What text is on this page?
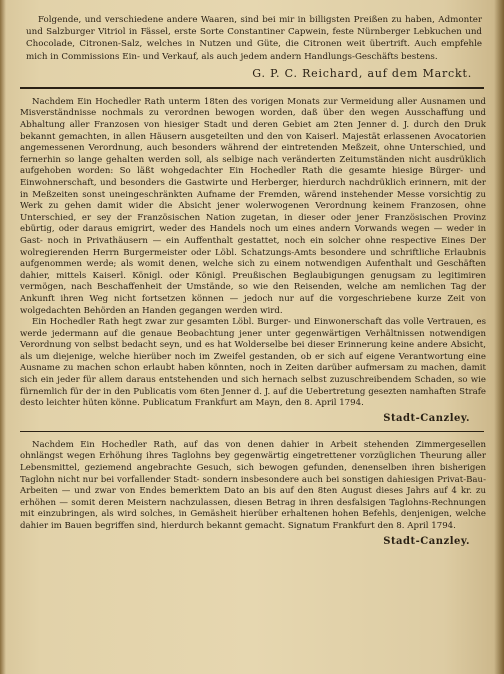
Folgende, und verschiedene andere Waaren, sind bei mir in billigsten Preißen zu haben, Admonter und Salzburger Vitriol in Fässel, erste Sorte Constantiner Capwein, feste Nürnberger Lebkuchen und Chocolade, Citronen-Salz, welches in Nutzen und Güte, die Citronen weit übertrift. Auch empfehle mich in Commissions Ein- und Verkauf, als auch jedem andern Handlungs-Geschäfts bestens.

G. P. C. Reichard, auf dem Marckt.

Nachdem Ein Hochedler Rath unterm 18ten des vorigen Monats zur Vermeidung aller Ausnamen und Misverständnisse nochmals zu verordnen bewogen worden, daß über den wegen Ausschaffung und Abhaltung aller Franzosen von hiesiger Stadt und deren Gebiet am 2ten Jenner d. J. durch den Druk bekannt gemachten, in allen Häusern ausgeteilten und den von Kaiserl. Majestät erlassenen Avocatorien angemessenen Verordnung, auch besonders während der eintretenden Meßzeit, ohne Unterschied, und fernerhin so lange gehalten werden soll, als selbige nach veränderten Zeitumständen nicht ausdrüklich aufgehoben worden: So läßt wohgedachter Ein Hochedler Rath die gesamte hiesige Bürger- und Einwohnerschaft, und besonders die Gastwirte und Herberger, hierdurch nachdrüklich erinnern, mit der in Meßzeiten sonst uneingeschränkten Aufname der Fremden, wärend instehender Messe vorsichtig zu Werk zu gehen damit wider die Absicht jener wolerwogenen Verordnung keinem Franzosen, ohne Unterschied, er sey der Französischen Nation zugetan, in dieser oder jener Französischen Provinz ebürtig, oder daraus emigrirt, weder des Handels noch um eines andern Vorwands wegen — weder in Gast- noch in Privathäusern — ein Auffenthalt gestattet, noch ein solcher ohne respective Eines Der wolregierenden Herrn Burgermeister oder Löbl. Schatzungs-Amts besondere und schriftliche Erlaubnis aufgenommen werde; als womit denen, welche sich zu einem notwendigen Aufenthalt und Geschäften dahier, mittels Kaiserl. Königl. oder Königl. Preußischen Beglaubigungen genugsam zu legitimiren vermögen, nach Beschaffenheit der Umstände, so wie den Reisenden, welche am nemlichen Tag der Ankunft ihren Weg nicht fortsetzen können — jedoch nur auf die vorgeschriebene kurze Zeit von wolgedachten Behörden an Handen gegangen werden wird.

Ein Hochedler Rath hegt zwar zur gesamten Löbl. Burger- und Einwonerschaft das volle Vertrauen, es werde jedermann auf die genaue Beobachtung jener unter gegenwärtigen Verhältnissen notwendigen Verordnung von selbst bedacht seyn, und es hat Wolderselbe bei dieser Erinnerung keine andere Absicht, als um diejenige, welche hierüber noch im Zweifel gestanden, ob er sich auf eigene Verantwortung eine Ausname zu machen schon erlaubt haben könnten, noch in Zeiten darüber aufmersam zu machen, damit sich ein jeder für allem daraus entstehenden und sich hernach selbst zuzuschreibendem Schaden, so wie fürnemlich für der in den Publicatis vom 6ten Jenner d. J. auf die Uebertretung gesezten namhaften Strafe desto leichter hüten könne. Publicatum Frankfurt am Mayn, den 8. April 1794.

Stadt-Canzley.

Nachdem Ein Hochedler Rath, auf das von denen dahier in Arbeit stehenden Zimmergesellen ohnlängst wegen Erhöhung ihres Taglohns bey gegenwärtig eingetrettener vorzüglichen Theurung aller Lebensmittel, geziemend angebrachte Gesuch, sich bewogen gefunden, denenselben ihren bisherigen Taglohn nicht nur bei vorfallender Stadt- sondern insbesondere auch bei sonstigen dahiesigen Privat-Bau-Arbeiten — und zwar von Endes bemerktem Dato an bis auf den 8ten August dieses Jahrs auf 4 kr. zu erhöhen — somit deren Meistern nachzulassen, diesen Betrag in ihren desfalsigen Taglohns-Rechnungen mit einzubringen, als wird solches, in Gemäsheit hierüber erhaltenen hohen Befehls, denjenigen, welche dahier im Bauen begriffen sind, hierdurch bekannt gemacht. Signatum Frankfurt den 8. April 1794.

Stadt-Canzley.
